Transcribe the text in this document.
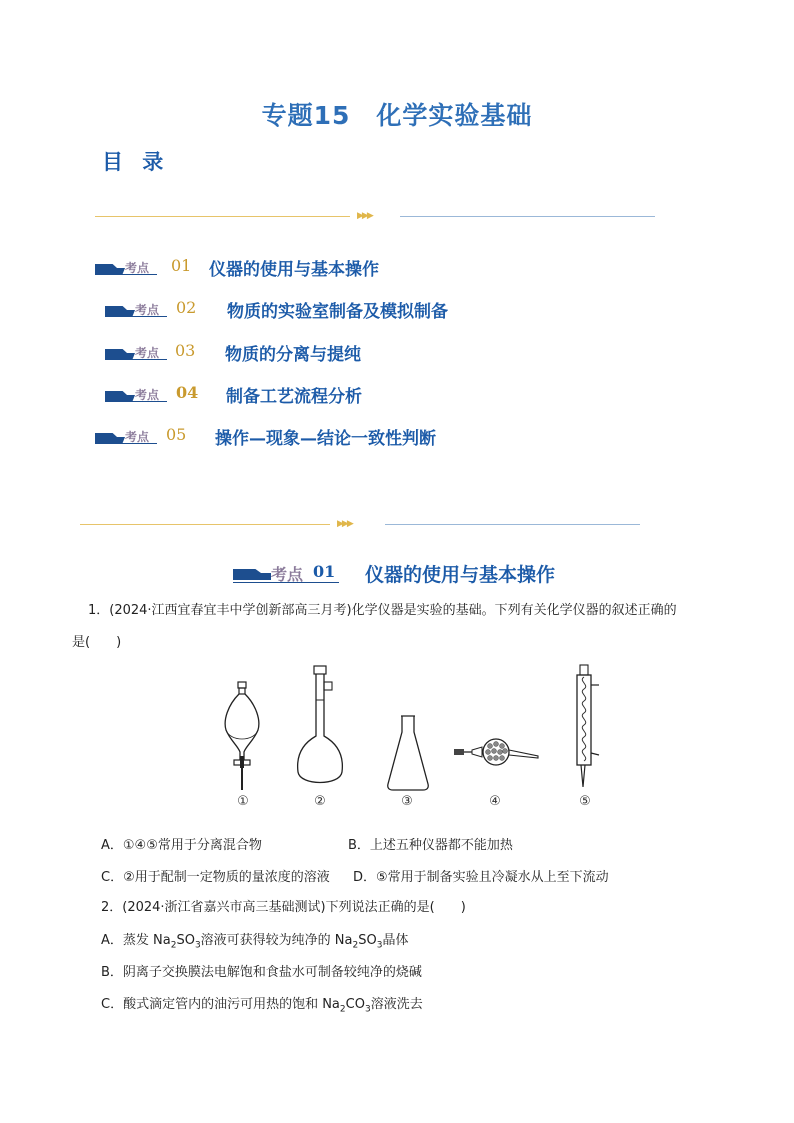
专题15　化学实验基础
目 录
▶▶▶
考点 01 仪器的使用与基本操作
考点 02 物质的实验室制备及模拟制备
考点 03 物质的分离与提纯
考点 04 制备工艺流程分析
考点 05 操作—现象—结论一致性判断
▶▶▶
考点 01 仪器的使用与基本操作
1．(2024·江西宜春宜丰中学创新部高三月考)化学仪器是实验的基础。下列有关化学仪器的叙述正确的
是(　　)
①	②	③	④	⑤
A．①④⑤常用于分离混合物	B．上述五种仪器都不能加热
C．②用于配制一定物质的量浓度的溶液 D．⑤常用于制备实验且冷凝水从上至下流动
2．(2024·浙江省嘉兴市高三基础测试)下列说法正确的是(　　)
A．蒸发 $Na_2SO_3$溶液可获得较为纯净的 $Na_2SO_3$晶体
B．阴离子交换膜法电解饱和食盐水可制备较纯净的烧碱
C．酸式滴定管内的油污可用热的饱和 $Na_2CO_3$溶液洗去
